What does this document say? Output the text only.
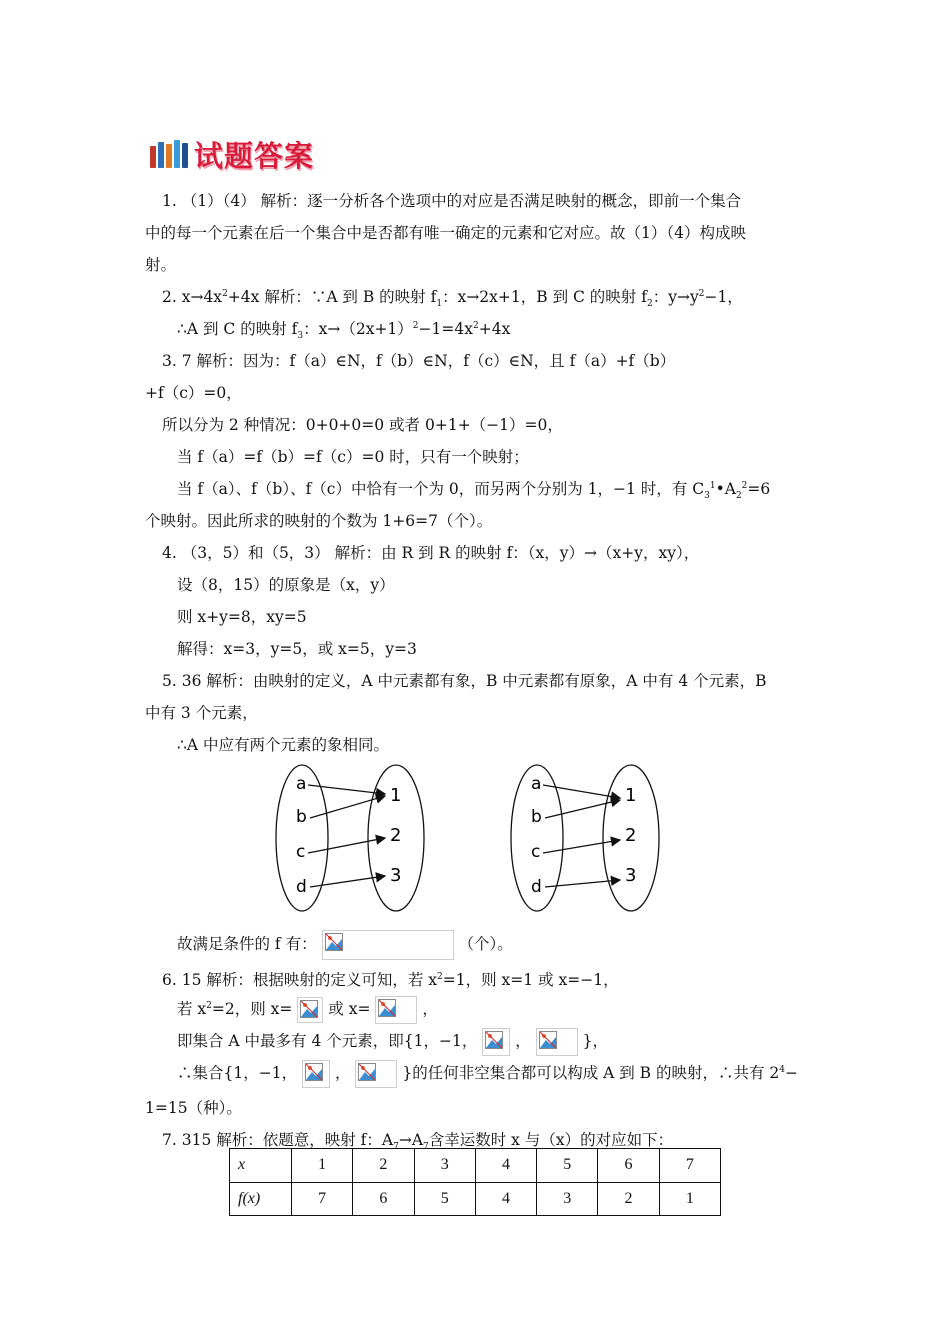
试题答案
1. （1）（4） 解析：逐一分析各个选项中的对应是否满足映射的概念，即前一个集合
中的每一个元素在后一个集合中是否都有唯一确定的元素和它对应。故（1）（4）构成映
射。
2. $x\to 4x^2+4x$ 解析：∵A 到 B 的映射 $f_1$：x→2x+1，B 到 C 的映射 $f_2$：$y\to y^2-1$，
∴A 到 C 的映射 $f_3$：$x\to(2x+1)^2-1=4x^2+4x$
3. 7 解析：因为：f（a）∈N，f（b）∈N，f（c）∈N，且 f（a）+f（b）
+f（c）=0，
所以分为 2 种情况：0+0+0=0 或者 0+1+（−1）=0，
当 f（a）=f（b）=f（c）=0 时，只有一个映射；
当 f（a）、f（b）、f（c）中恰有一个为 0，而另两个分别为 1，−1 时，有 $C_3^1•A_2^2=6$
个映射。因此所求的映射的个数为 1+6=7（个）。
4. （3，5）和（5，3） 解析：由 R 到 R 的映射 f：（x，y）→（x+y，xy），
设（8，15）的原象是（x，y）
则 x+y=8，xy=5
解得：x=3，y=5，或 x=5，y=3
5. 36 解析：由映射的定义，A 中元素都有象，B 中元素都有原象，A 中有 4 个元素，B
中有 3 个元素，
∴A 中应有两个元素的象相同。
a
b
c
d
1
2
3
a
b
c
d
1
2
3
故满足条件的 f 有：	（个）。
6. 15 解析：根据映射的定义可知，若 $x^2=1$，则 x=1 或 x=−1，
若 $x^2=2$，则 x= 或 x=	，
即集合 A 中最多有 4 个元素，即{1，−1， ，	}，
∴集合{1，−1， ，	}的任何非空集合都可以构成 A 到 B 的映射，∴共有 $2^4-$
1=15（种）。
7. 315 解析：依题意，映射 f：$A_7\to A_7$含幸运数时 x 与（x）的对应如下：
x	1	2	3	4	5	6	7
f(x)	7	6	5	4	3	2	1
